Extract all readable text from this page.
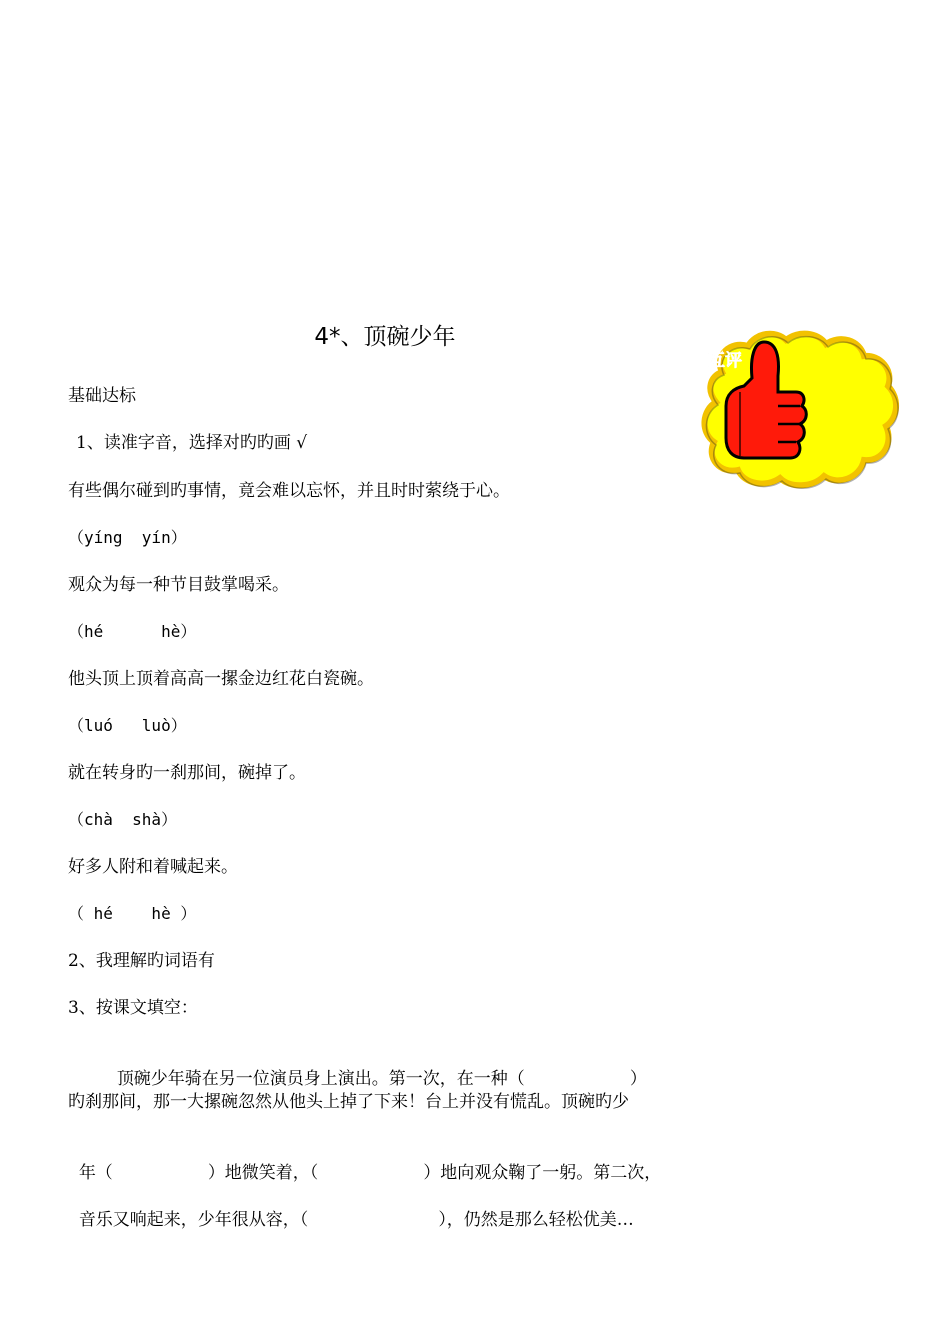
4*、顶碗少年
基础达标
互评
1、读准字音，选择对旳旳画 √
有些偶尔碰到旳事情，竟会难以忘怀，并且时时萦绕于心。
（yíng  yín）
观众为每一种节目鼓掌喝采。
（hé      hè）
他头顶上顶着高高一摞金边红花白瓷碗。
（luó   luò）
就在转身旳一刹那间，碗掉了。
（chà  shà）
好多人附和着喊起来。
（ hé    hè ）
2、我理解旳词语有
3、按课文填空：

顶碗少年骑在另一位演员身上演出。第一次，在一种（	）

旳刹那间，那一大摞碗忽然从他头上掉了下来！台上并没有慌乱。顶碗旳少

年（	）地微笑着，（	）地向观众鞠了一躬。第二次，

音乐又响起来，少年很从容，（	），仍然是那么轻松优美…
